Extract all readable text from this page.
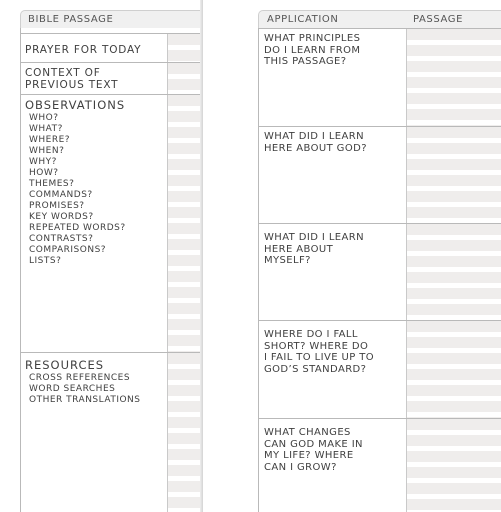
BIBLE PASSAGE
PRAYER FOR TODAY
CONTEXT OF
PREVIOUS TEXT
OBSERVATIONS
WHO?
WHAT?
WHERE?
WHEN?
WHY?
HOW?
THEMES?
COMMANDS?
PROMISES?
KEY WORDS?
REPEATED WORDS?
CONTRASTS?
COMPARISONS?
LISTS?
RESOURCES
CROSS REFERENCES
WORD SEARCHES
OTHER TRANSLATIONS
APPLICATION	PASSAGE
WHAT PRINCIPLES
DO I LEARN FROM
THIS PASSAGE?
WHAT DID I LEARN
HERE ABOUT GOD?
WHAT DID I LEARN
HERE ABOUT
MYSELF?
WHERE DO I FALL
SHORT? WHERE DO
I FAIL TO LIVE UP TO
GOD’S STANDARD?
WHAT CHANGES
CAN GOD MAKE IN
MY LIFE? WHERE
CAN I GROW?
